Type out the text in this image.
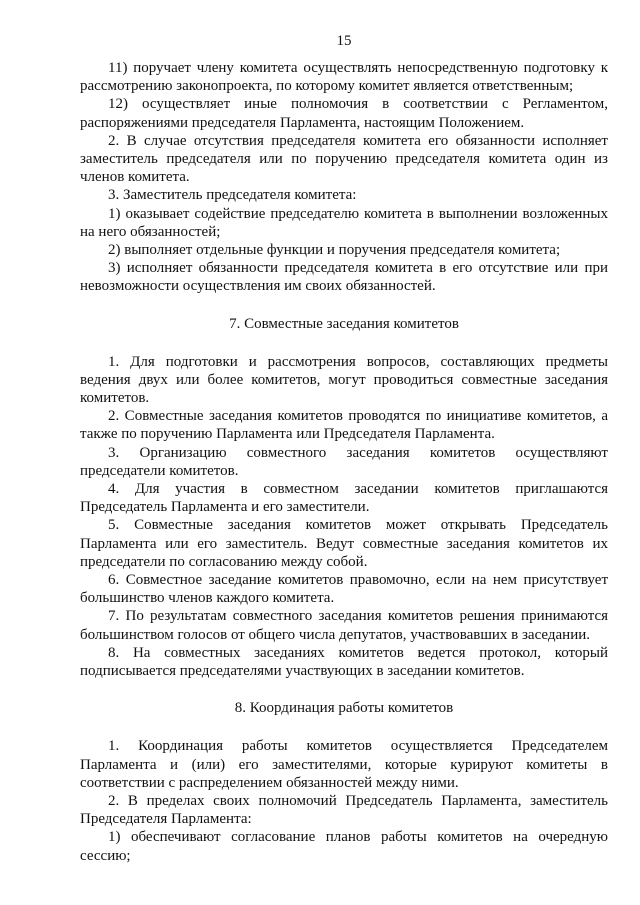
15

11) поручает члену комитета осуществлять непосредственную подготовку к рассмотрению законопроекта, по которому комитет является ответственным;

12) осуществляет иные полномочия в соответствии с Регламентом, распоряжениями председателя Парламента, настоящим Положением.

2. В случае отсутствия председателя комитета его обязанности исполняет заместитель председателя или по поручению председателя комитета один из членов комитета.

3. Заместитель председателя комитета:

1) оказывает содействие председателю комитета в выполнении возложенных на него обязанностей;

2) выполняет отдельные функции и поручения председателя комитета;

3) исполняет обязанности председателя комитета в его отсутствие или при невозможности осуществления им своих обязанностей.

7. Совместные заседания комитетов

1. Для подготовки и рассмотрения вопросов, составляющих предметы ведения двух или более комитетов, могут проводиться совместные заседания комитетов.

2. Совместные заседания комитетов проводятся по инициативе комитетов, а также по поручению Парламента или Председателя Парламента.

3. Организацию совместного заседания комитетов осуществляют председатели комитетов.

4. Для участия в совместном заседании комитетов приглашаются Председатель Парламента и его заместители.

5. Совместные заседания комитетов может открывать Председатель Парламента или его заместитель. Ведут совместные заседания комитетов их председатели по согласованию между собой.

6. Совместное заседание комитетов правомочно, если на нем присутствует большинство членов каждого комитета.

7. По результатам совместного заседания комитетов решения принимаются большинством голосов от общего числа депутатов, участвовавших в заседании.

8. На совместных заседаниях комитетов ведется протокол, который подписывается председателями участвующих в заседании комитетов.

8. Координация работы комитетов

1. Координация работы комитетов осуществляется Председателем Парламента и (или) его заместителями, которые курируют комитеты в соответствии с распределением обязанностей между ними.

2. В пределах своих полномочий Председатель Парламента, заместитель Председателя Парламента:

1) обеспечивают согласование планов работы комитетов на очередную сессию;
